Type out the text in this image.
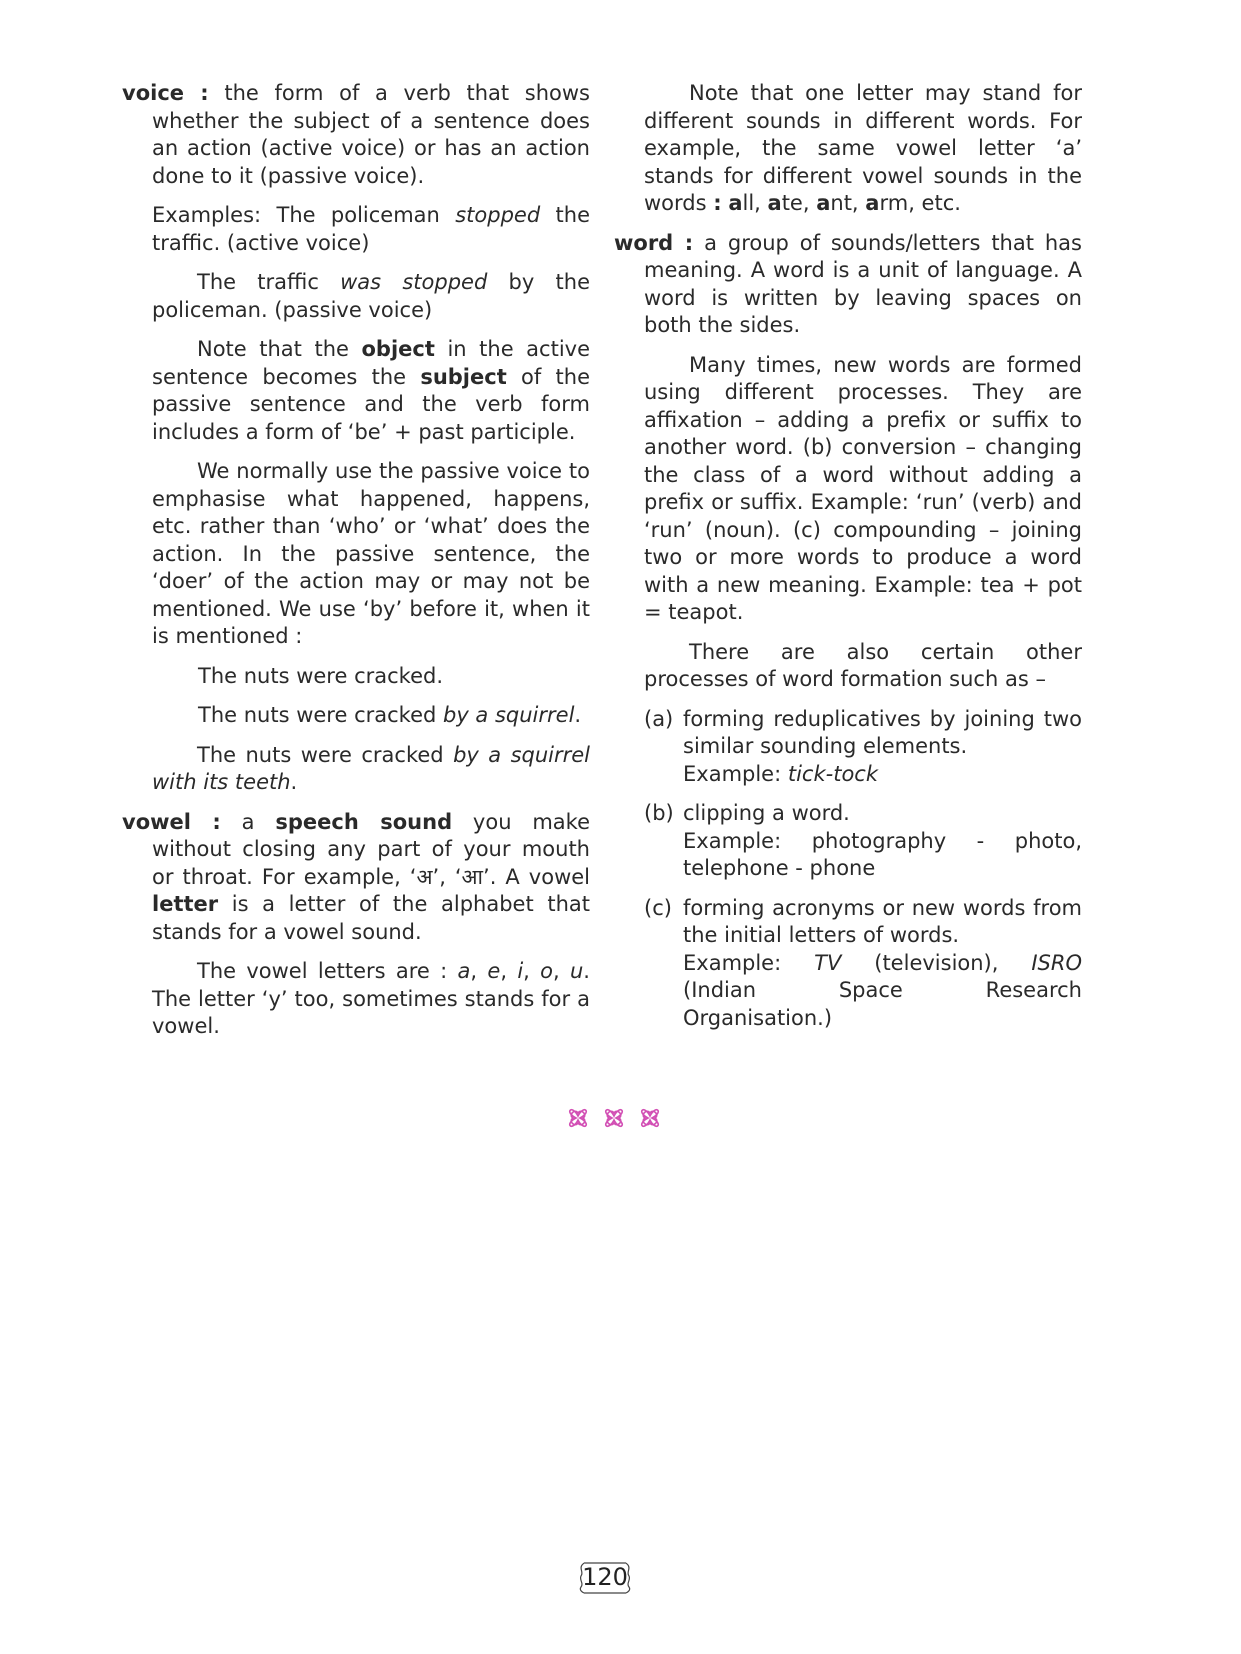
voice : the form of a verb that shows whether the subject of a sentence does an action (active voice) or has an action done to it (passive voice).

Examples: The policeman stopped the traffic. (active voice)

The traffic was stopped by the policeman. (passive voice)

Note that the object in the active sentence becomes the subject of the passive sentence and the verb form includes a form of ‘be’ + past participle.

We normally use the passive voice to emphasise what happened, happens, etc. rather than ‘who’ or ‘what’ does the action. In the passive sentence, the ‘doer’ of the action may or may not be mentioned. We use ‘by’ before it, when it is mentioned :

The nuts were cracked.

The nuts were cracked by a squirrel.

The nuts were cracked by a squirrel with its teeth.

vowel : a speech sound you make without closing any part of your mouth or throat. For example, ‘अ’, ‘आ’. A vowel letter is a letter of the alphabet that stands for a vowel sound.

The vowel letters are : a, e, i, o, u. The letter ‘y’ too, sometimes stands for a vowel.

Note that one letter may stand for different sounds in different words. For example, the same vowel letter ‘a’ stands for different vowel sounds in the words : all, ate, ant, arm, etc.

word : a group of sounds/letters that has meaning. A word is a unit of language. A word is written by leaving spaces on both the sides.

Many times, new words are formed using different processes. They are affixation – adding a prefix or suffix to another word. (b) conversion – changing the class of a word without adding a prefix or suffix. Example: ‘run’ (verb) and ‘run’ (noun). (c) compounding – joining two or more words to produce a word with a new meaning. Example: tea + pot = teapot.

There are also certain other processes of word formation such as –

(a) forming reduplicatives by joining two similar sounding elements.
Example: tick-tock
(b) clipping a word.
Example: photography - photo, telephone - phone
(c) forming acronyms or new words from the initial letters of words.
Example: TV (television), ISRO (Indian Space Research Organisation.)
120
